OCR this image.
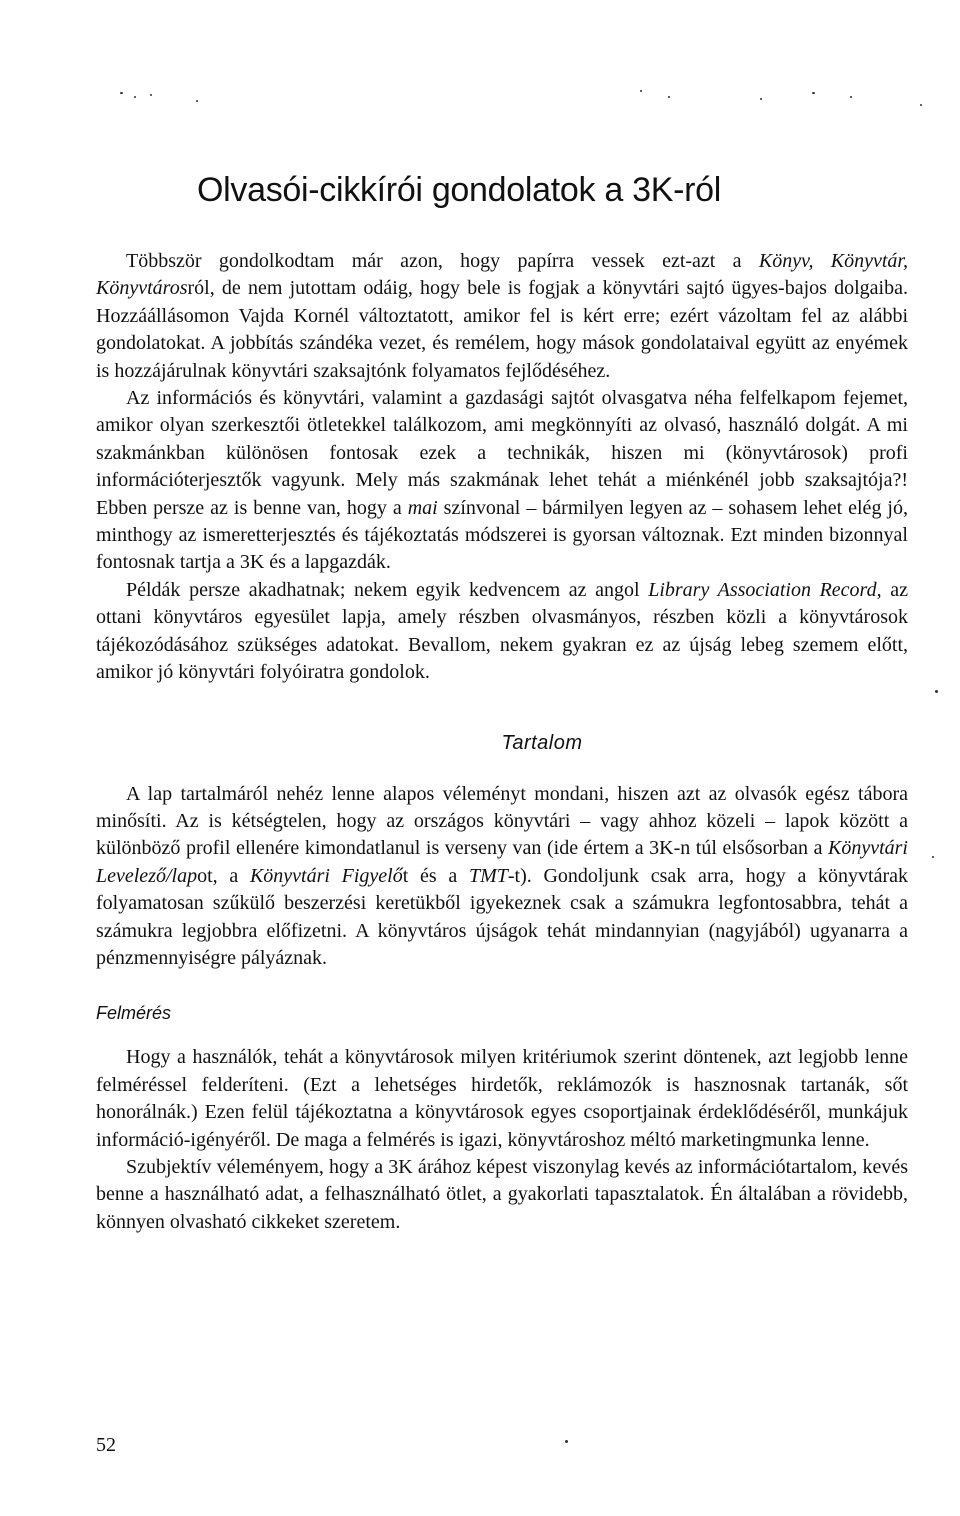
Olvasói-cikkírói gondolatok a 3K-ról

Többször gondolkodtam már azon, hogy papírra vessek ezt-azt a Könyv, Könyvtár, Könyvtárosról, de nem jutottam odáig, hogy bele is fogjak a könyvtári sajtó ügyes-bajos dolgaiba. Hozzáállásomon Vajda Kornél változtatott, amikor fel is kért erre; ezért vázoltam fel az alábbi gondolatokat. A jobbítás szándéka vezet, és remélem, hogy mások gondolataival együtt az enyémek is hozzájárulnak könyvtári szaksajtónk folyamatos fejlődéséhez.

Az információs és könyvtári, valamint a gazdasági sajtót olvasgatva néha felfelkapom fejemet, amikor olyan szerkesztői ötletekkel találkozom, ami megkönnyíti az olvasó, használó dolgát. A mi szakmánkban különösen fontosak ezek a technikák, hiszen mi (könyvtárosok) profi információterjesztők vagyunk. Mely más szakmának lehet tehát a miénkénél jobb szaksajtója?! Ebben persze az is benne van, hogy a mai színvonal – bármilyen legyen az – sohasem lehet elég jó, minthogy az ismeretterjesztés és tájékoztatás módszerei is gyorsan változnak. Ezt minden bizonnyal fontosnak tartja a 3K és a lapgazdák.

Példák persze akadhatnak; nekem egyik kedvencem az angol Library Association Record, az ottani könyvtáros egyesület lapja, amely részben olvasmányos, részben közli a könyvtárosok tájékozódásához szükséges adatokat. Bevallom, nekem gyakran ez az újság lebeg szemem előtt, amikor jó könyvtári folyóiratra gondolok.

Tartalom

A lap tartalmáról nehéz lenne alapos véleményt mondani, hiszen azt az olvasók egész tábora minősíti. Az is kétségtelen, hogy az országos könyvtári – vagy ahhoz közeli – lapok között a különböző profil ellenére kimondatlanul is verseny van (ide értem a 3K-n túl elsősorban a Könyvtári Levelező/lapot, a Könyvtári Figyelőt és a TMT-t). Gondoljunk csak arra, hogy a könyvtárak folyamatosan szűkülő beszerzési keretükből igyekeznek csak a számukra legfontosabbra, tehát a számukra legjobbra előfizetni. A könyvtáros újságok tehát mindannyian (nagyjából) ugyanarra a pénzmennyiségre pályáznak.

Felmérés

Hogy a használók, tehát a könyvtárosok milyen kritériumok szerint döntenek, azt legjobb lenne felméréssel felderíteni. (Ezt a lehetséges hirdetők, reklámozók is hasznosnak tartanák, sőt honorálnák.) Ezen felül tájékoztatna a könyvtárosok egyes csoportjainak érdeklődéséről, munkájuk információ-igényéről. De maga a felmérés is igazi, könyvtároshoz méltó marketingmunka lenne.

Szubjektív véleményem, hogy a 3K árához képest viszonylag kevés az információtartalom, kevés benne a használható adat, a felhasználható ötlet, a gyakorlati tapasztalatok. Én általában a rövidebb, könnyen olvasható cikkeket szeretem.

52
